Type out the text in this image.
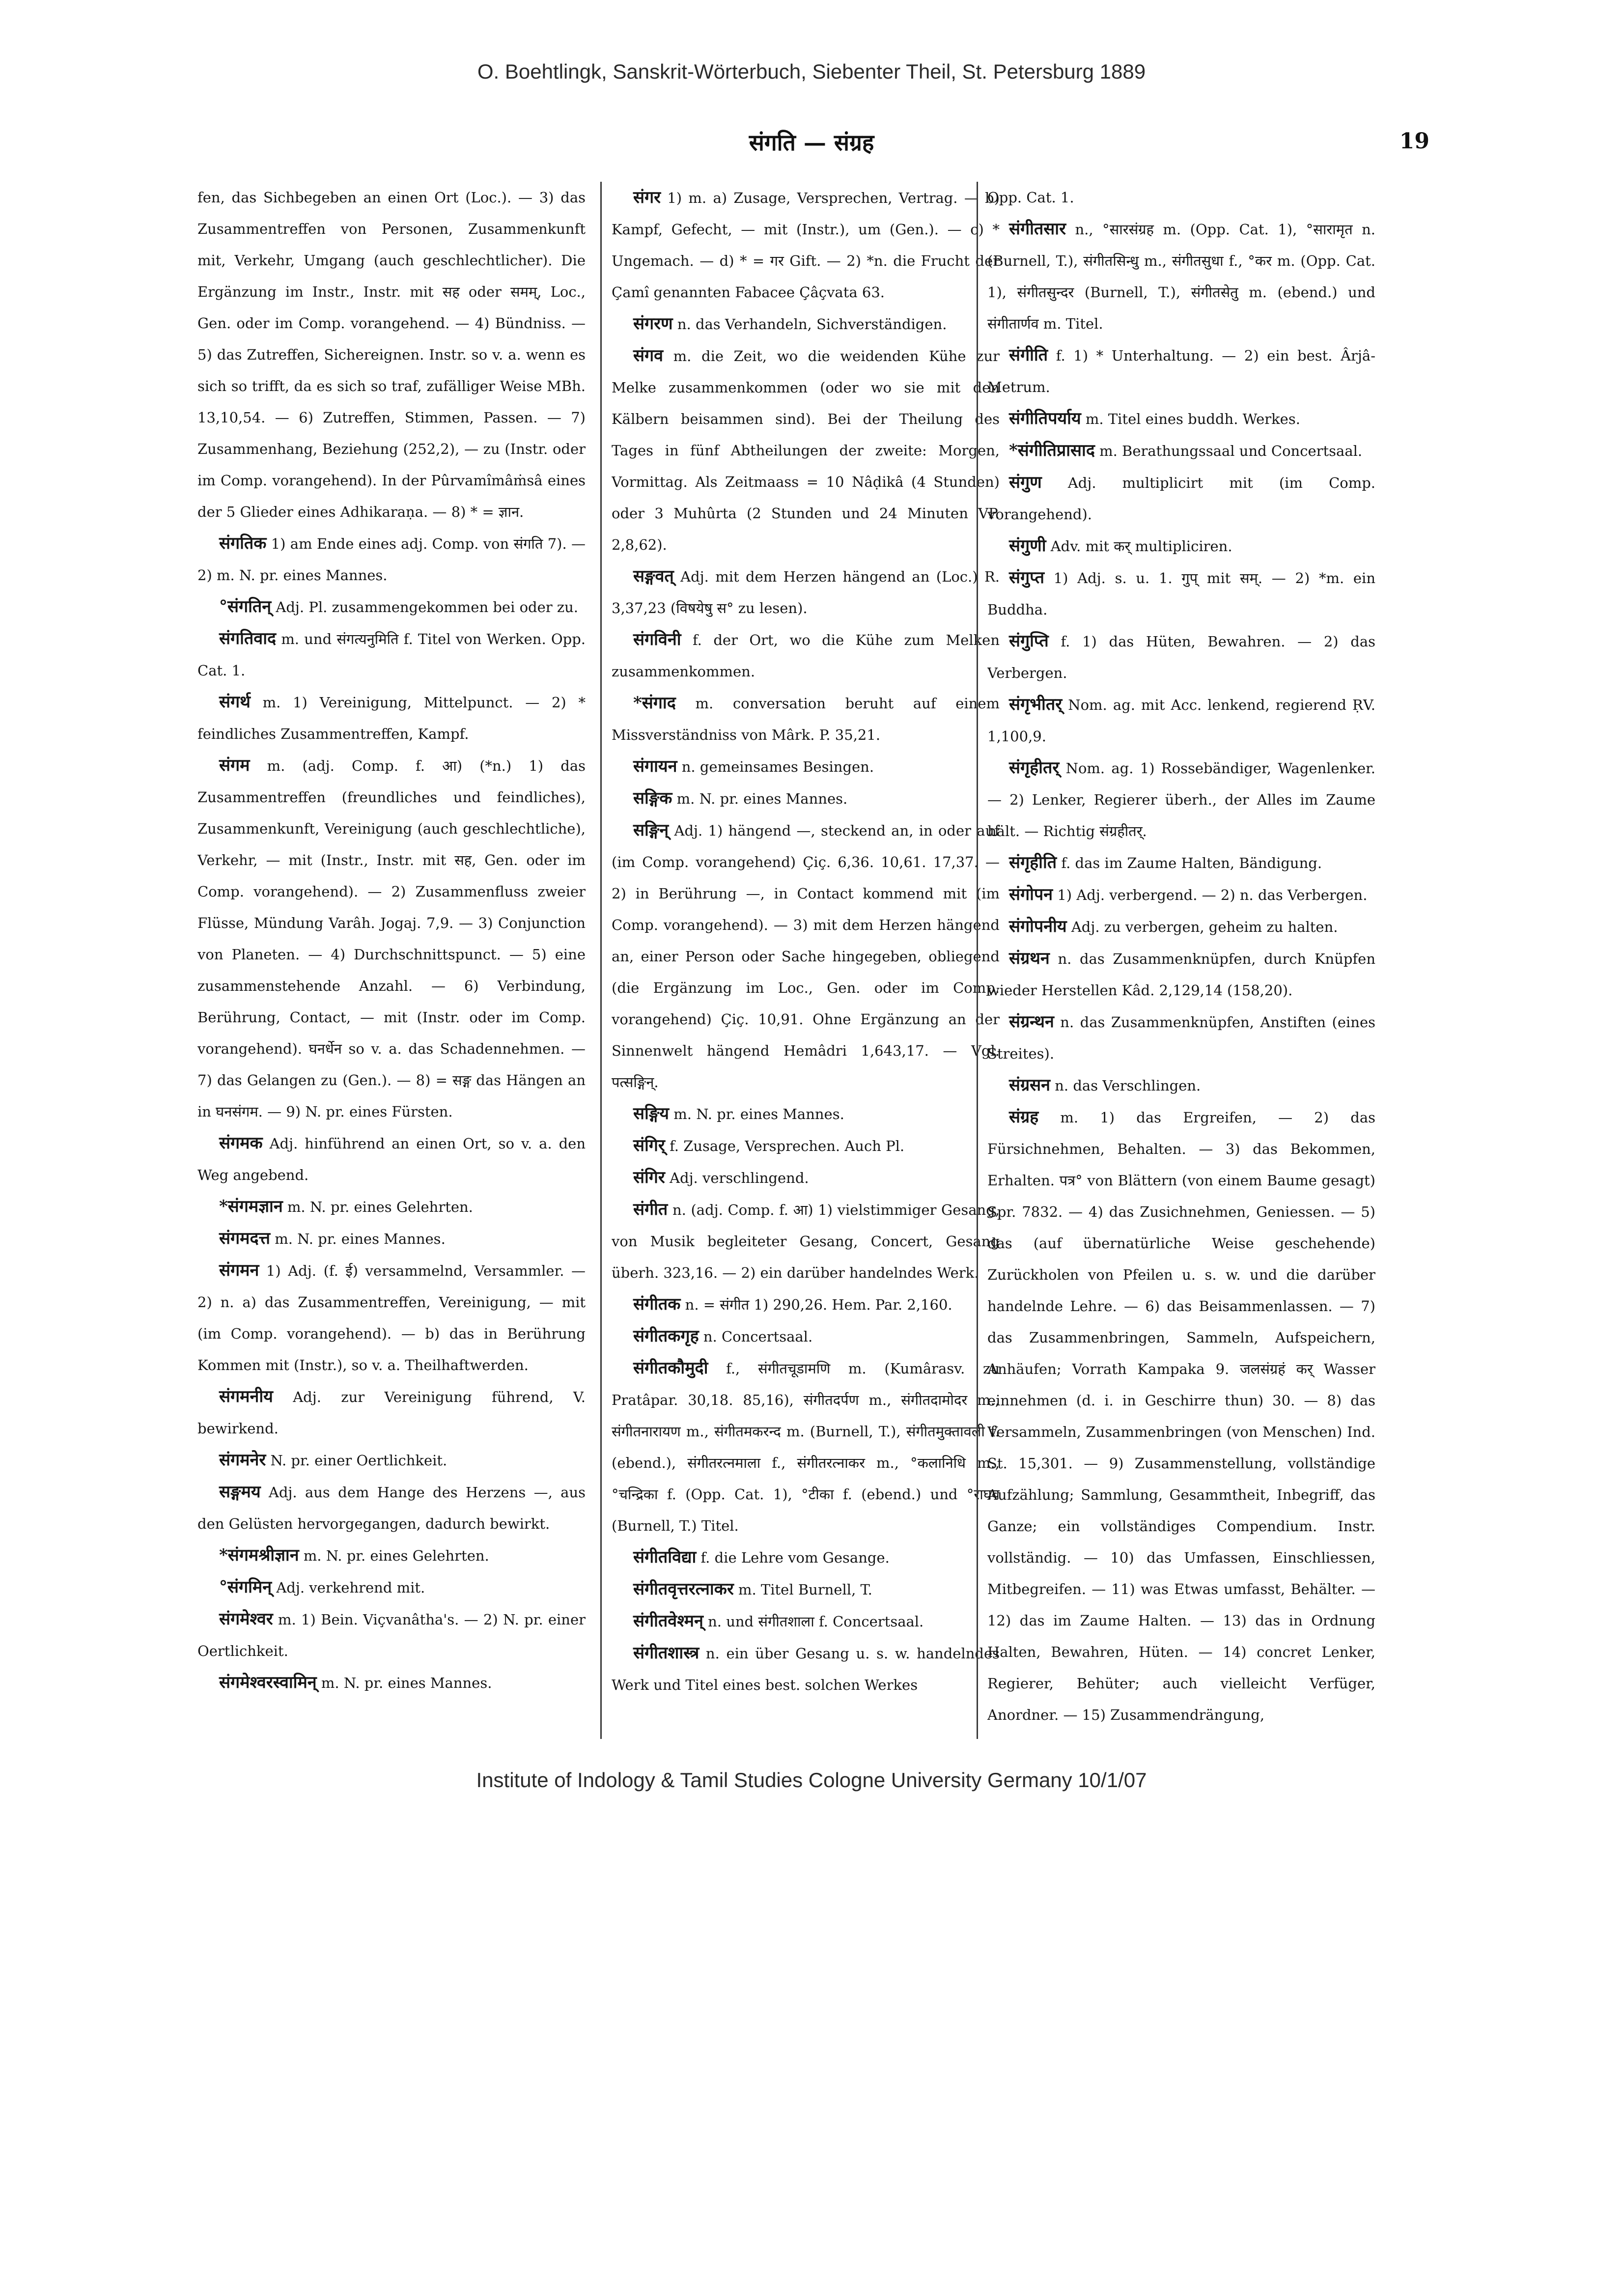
O. Boehtlingk, Sanskrit-Wörterbuch, Siebenter Theil, St. Petersburg 1889
संगति — संग्रह	19

fen, das Sichbegeben an einen Ort (Loc.). — 3) das Zusammentreffen von Personen, Zusammenkunft mit, Verkehr, Umgang (auch geschlechtlicher). Die Ergänzung im Instr., Instr. mit सह oder समम्, Loc., Gen. oder im Comp. vorangehend. — 4) Bündniss. — 5) das Zutreffen, Sichereignen. Instr. so v. a. wenn es sich so trifft, da es sich so traf, zufälliger Weise MBh. 13,10,54. — 6) Zutreffen, Stimmen, Passen. — 7) Zusammenhang, Beziehung (252,2), — zu (Instr. oder im Comp. vorangehend). In der Pûrvamîmâṁsâ eines der 5 Glieder eines Adhikaraṇa. — 8) * = ज्ञान.

संगतिक 1) am Ende eines adj. Comp. von संगति 7). — 2) m. N. pr. eines Mannes.

°संगतिन् Adj. Pl. zusammengekommen bei oder zu.

संगतिवाद m. und संगत्यनुमिति f. Titel von Werken. Opp. Cat. 1.

संगर्थ m. 1) Vereinigung, Mittelpunct. — 2) * feindliches Zusammentreffen, Kampf.

संगम m. (adj. Comp. f. आ) (*n.) 1) das Zusammentreffen (freundliches und feindliches), Zusammenkunft, Vereinigung (auch geschlechtliche), Verkehr, — mit (Instr., Instr. mit सह, Gen. oder im Comp. vorangehend). — 2) Zusammenfluss zweier Flüsse, Mündung Varâh. Jogaj. 7,9. — 3) Conjunction von Planeten. — 4) Durchschnittspunct. — 5) eine zusammenstehende Anzahl. — 6) Verbindung, Berührung, Contact, — mit (Instr. oder im Comp. vorangehend). घनर्धेन so v. a. das Schadennehmen. — 7) das Gelangen zu (Gen.). — 8) = सङ्ग das Hängen an in घनसंगम. — 9) N. pr. eines Fürsten.

संगमक Adj. hinführend an einen Ort, so v. a. den Weg angebend.

*संगमज्ञान m. N. pr. eines Gelehrten.

संगमदत्त m. N. pr. eines Mannes.

संगमन 1) Adj. (f. ई) versammelnd, Versammler. — 2) n. a) das Zusammentreffen, Vereinigung, — mit (im Comp. vorangehend). — b) das in Berührung Kommen mit (Instr.), so v. a. Theilhaftwerden.

संगमनीय Adj. zur Vereinigung führend, V. bewirkend.

संगमनेर N. pr. einer Oertlichkeit.

सङ्गमय Adj. aus dem Hange des Herzens —, aus den Gelüsten hervorgegangen, dadurch bewirkt.

*संगमश्रीज्ञान m. N. pr. eines Gelehrten.

°संगमिन् Adj. verkehrend mit.

संगमेश्वर m. 1) Bein. Viçvanâtha's. — 2) N. pr. einer Oertlichkeit.

संगमेश्वरस्वामिन् m. N. pr. eines Mannes.

संगर 1) m. a) Zusage, Versprechen, Vertrag. — b) Kampf, Gefecht, — mit (Instr.), um (Gen.). — c) * Ungemach. — d) * = गर Gift. — 2) *n. die Frucht der Çamî genannten Fabacee Çâçvata 63.

संगरण n. das Verhandeln, Sichverständigen.

संगव m. die Zeit, wo die weidenden Kühe zur Melke zusammenkommen (oder wo sie mit den Kälbern beisammen sind). Bei der Theilung des Tages in fünf Abtheilungen der zweite: Morgen, Vormittag. Als Zeitmaass = 10 Nâḍikâ (4 Stunden) oder 3 Muhûrta (2 Stunden und 24 Minuten VP. 2,8,62).

सङ्गवत् Adj. mit dem Herzen hängend an (Loc.) R. 3,37,23 (विषयेषु स° zu lesen).

संगविनी f. der Ort, wo die Kühe zum Melken zusammenkommen.

*संगाद m. conversation beruht auf einem Missverständniss von Mârk. P. 35,21.

संगायन n. gemeinsames Besingen.

सङ्गिक m. N. pr. eines Mannes.

सङ्गिन् Adj. 1) hängend —, steckend an, in oder auf (im Comp. vorangehend) Çiç. 6,36. 10,61. 17,37. — 2) in Berührung —, in Contact kommend mit (im Comp. vorangehend). — 3) mit dem Herzen hängend an, einer Person oder Sache hingegeben, obliegend (die Ergänzung im Loc., Gen. oder im Comp. vorangehend) Çiç. 10,91. Ohne Ergänzung an der Sinnenwelt hängend Hemâdri 1,643,17. — Vgl. पत्सङ्गिन्.

सङ्गिय m. N. pr. eines Mannes.

संगिर् f. Zusage, Versprechen. Auch Pl.

संगिर Adj. verschlingend.

संगीत n. (adj. Comp. f. आ) 1) vielstimmiger Gesang, von Musik begleiteter Gesang, Concert, Gesang überh. 323,16. — 2) ein darüber handelndes Werk.

संगीतक n. = संगीत 1) 290,26. Hem. Par. 2,160.

संगीतकगृह n. Concertsaal.

संगीतकौमुदी f., संगीतचूडामणि m. (Kumârasv. zu Pratâpar. 30,18. 85,16), संगीतदर्पण m., संगीतदामोदर m., संगीतनारायण m., संगीतमकरन्द m. (Burnell, T.), संगीतमुक्तावली f. (ebend.), संगीतरत्नमाला f., संगीतरत्नाकर m., °कलानिधि m., °चन्द्रिका f. (Opp. Cat. 1), °टीका f. (ebend.) und °राघव (Burnell, T.) Titel.

संगीतविद्या f. die Lehre vom Gesange.

संगीतवृत्तरत्नाकर m. Titel Burnell, T.

संगीतवेश्मन् n. und संगीतशाला f. Concertsaal.

संगीतशास्त्र n. ein über Gesang u. s. w. handelndes Werk und Titel eines best. solchen Werkes

Opp. Cat. 1.

संगीतसार n., °सारसंग्रह m. (Opp. Cat. 1), °सारामृत n. (Burnell, T.), संगीतसिन्धु m., संगीतसुधा f., °कर m. (Opp. Cat. 1), संगीतसुन्दर (Burnell, T.), संगीतसेतु m. (ebend.) und संगीतार्णव m. Titel.

संगीति f. 1) * Unterhaltung. — 2) ein best. Ârjâ-Metrum.

संगीतिपर्याय m. Titel eines buddh. Werkes.

*संगीतिप्रासाद m. Berathungssaal und Concertsaal.

संगुण Adj. multiplicirt mit (im Comp. vorangehend).

संगुणी Adv. mit कर् multipliciren.

संगुप्त 1) Adj. s. u. 1. गुप् mit सम्. — 2) *m. ein Buddha.

संगुप्ति f. 1) das Hüten, Bewahren. — 2) das Verbergen.

संगृभीतर् Nom. ag. mit Acc. lenkend, regierend ṚV. 1,100,9.

संगृहीतर् Nom. ag. 1) Rossebändiger, Wagenlenker. — 2) Lenker, Regierer überh., der Alles im Zaume hält. — Richtig संग्रहीतर्.

संगृहीति f. das im Zaume Halten, Bändigung.

संगोपन 1) Adj. verbergend. — 2) n. das Verbergen.

संगोपनीय Adj. zu verbergen, geheim zu halten.

संग्रथन n. das Zusammenknüpfen, durch Knüpfen wieder Herstellen Kâd. 2,129,14 (158,20).

संग्रन्थन n. das Zusammenknüpfen, Anstiften (eines Streites).

संग्रसन n. das Verschlingen.

संग्रह m. 1) das Ergreifen, — 2) das Fürsichnehmen, Behalten. — 3) das Bekommen, Erhalten. पत्र° von Blättern (von einem Baume gesagt) Spr. 7832. — 4) das Zusichnehmen, Geniessen. — 5) das (auf übernatürliche Weise geschehende) Zurückholen von Pfeilen u. s. w. und die darüber handelnde Lehre. — 6) das Beisammenlassen. — 7) das Zusammenbringen, Sammeln, Aufspeichern, Anhäufen; Vorrath Kampaka 9. जलसंग्रहं कर् Wasser einnehmen (d. i. in Geschirre thun) 30. — 8) das Versammeln, Zusammenbringen (von Menschen) Ind. St. 15,301. — 9) Zusammenstellung, vollständige Aufzählung; Sammlung, Gesammtheit, Inbegriff, das Ganze; ein vollständiges Compendium. Instr. vollständig. — 10) das Umfassen, Einschliessen, Mitbegreifen. — 11) was Etwas umfasst, Behälter. — 12) das im Zaume Halten. — 13) das in Ordnung Halten, Bewahren, Hüten. — 14) concret Lenker, Regierer, Behüter; auch vielleicht Verfüger, Anordner. — 15) Zusammendrängung,

Institute of Indology & Tamil Studies Cologne University Germany 10/1/07
